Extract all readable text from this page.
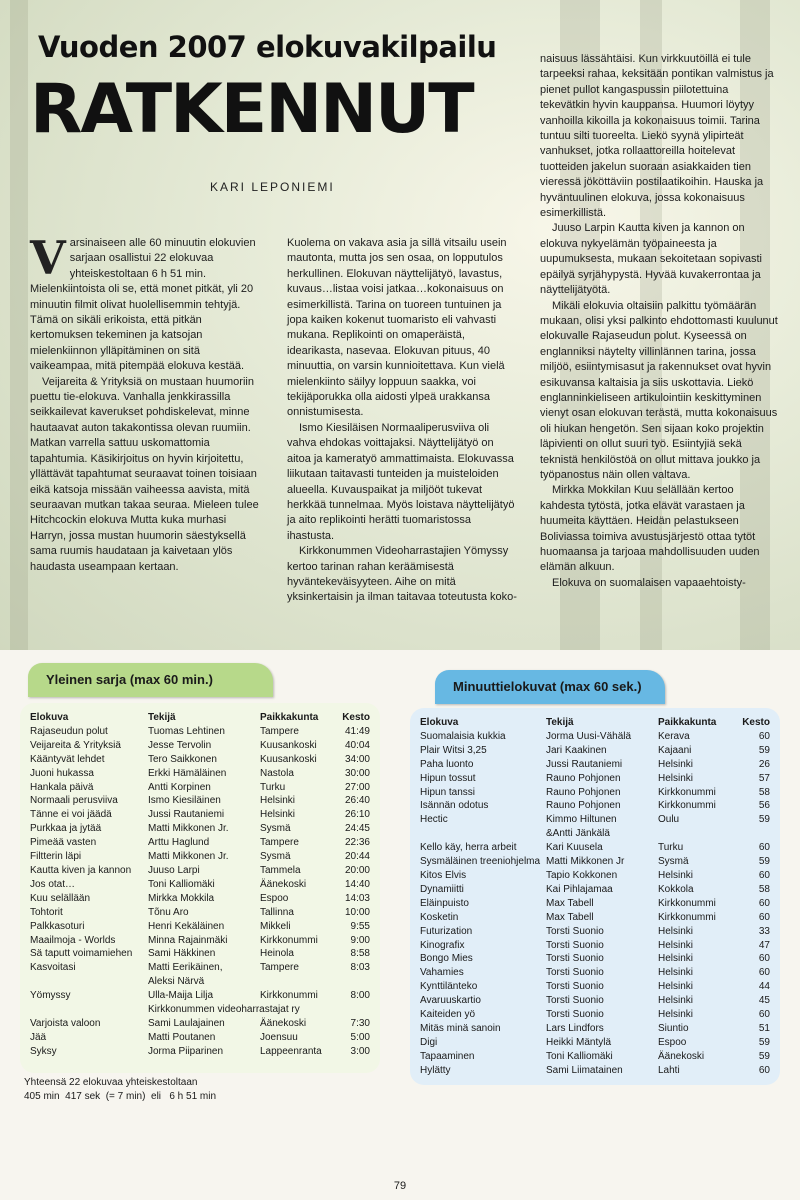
Vuoden 2007 elokuvakilpailu
RATKENNUT
KARI LEPONIEMI

Varsinaiseen alle 60 minuutin elokuvien sarjaan osallistui 22 elokuvaa yhteiskestoltaan 6 h 51 min. Mielenkiintoista oli se, että monet pitkät, yli 20 minuutin filmit olivat huolellisemmin tehtyjä. Tämä on sikäli erikoista, että pitkän kertomuksen tekeminen ja katsojan mielenkiinnon ylläpitäminen on sitä vaikeampaa, mitä pitempää elokuva kestää.

Veijareita & Yrityksiä on mustaan huumoriin puettu tie-elokuva. Vanhalla jenkkirassilla seikkailevat kaverukset pohdiskelevat, minne hautaavat auton takakontissa olevan ruumiin. Matkan varrella sattuu uskomattomia tapahtumia. Käsikirjoitus on hyvin kirjoitettu, yllättävät tapahtumat seuraavat toinen toisiaan eikä katsoja missään vaiheessa aavista, mitä seuraavan mutkan takaa seuraa. Mieleen tulee Hitchcockin elokuva Mutta kuka murhasi Harryn, jossa mustan huumorin säestyksellä sama ruumis haudataan ja kaivetaan ylös haudasta useampaan kertaan.

Kuolema on vakava asia ja sillä vitsailu usein mautonta, mutta jos sen osaa, on lopputulos herkullinen. Elokuvan näyttelijätyö, lavastus, kuvaus…listaa voisi jatkaa…kokonaisuus on esimerkillistä. Tarina on tuoreen tuntuinen ja jopa kaiken kokenut tuomaristo eli vahvasti mukana. Replikointi on omaperäistä, idearikasta, nasevaa. Elokuvan pituus, 40 minuuttia, on varsin kunnioitettava. Kun vielä mielenkiinto säilyy loppuun saakka, voi tekijäporukka olla aidosti ylpeä urakkansa onnistumisesta.

Ismo Kiesiläisen Normaaliperusviiva oli vahva ehdokas voittajaksi. Näyttelijätyö on aitoa ja kameratyö ammattimaista. Elokuvassa liikutaan taitavasti tunteiden ja muisteloiden alueella. Kuvauspaikat ja miljööt tukevat herkkää tunnelmaa. Myös loistava näyttelijätyö ja aito replikointi herätti tuomaristossa ihastusta.

Kirkkonummen Videoharrastajien Yömyssy kertoo tarinan rahan keräämisestä hyväntekeväisyyteen. Aihe on mitä yksinkertaisin ja ilman taitavaa toteutusta koko-

naisuus lässähtäisi. Kun virkkuutöillä ei tule tarpeeksi rahaa, keksitään pontikan valmistus ja pienet pullot kangaspussin piilotettuina tekevätkin hyvin kauppansa. Huumori löytyy vanhoilla kikoilla ja kokonaisuus toimii. Tarina tuntuu silti tuoreelta. Liekö syynä ylipirteät vanhukset, jotka rollaattoreilla hoitelevat tuotteiden jakelun suoraan asiakkaiden tien vieressä jököttäviin postilaatikoihin. Hauska ja hyväntuulinen elokuva, jossa kokonaisuus esimerkillistä.

Juuso Larpin Kautta kiven ja kannon on elokuva nykyelämän työpaineesta ja uupumuksesta, mukaan sekoitetaan sopivasti epäilyä syrjähypystä. Hyvää kuvakerrontaa ja näyttelijätyötä.

Mikäli elokuvia oltaisiin palkittu työmäärän mukaan, olisi yksi palkinto ehdottomasti kuulunut elokuvalle Rajaseudun polut. Kyseessä on englanniksi näytelty villinlännen tarina, jossa miljöö, esiintymisasut ja rakennukset ovat hyvin esikuvansa kaltaisia ja siis uskottavia. Liekö englanninkieliseen artikulointiin keskittyminen vienyt osan elokuvan terästä, mutta kokonaisuus oli hiukan hengetön. Sen sijaan koko projektin läpivienti on ollut suuri työ. Esiintyjiä sekä teknistä henkilöstöä on ollut mittava joukko ja työpanostus näin ollen valtava.

Mirkka Mokkilan Kuu selällään kertoo kahdesta tytöstä, jotka elävät varastaen ja huumeita käyttäen. Heidän pelastukseen Boliviassa toimiva avustusjärjestö ottaa tytöt huomaansa ja tarjoaa mahdollisuuden uuden elämän alkuun.

Elokuva on suomalaisen vapaaehtoisty-

Yleinen sarja (max 60 min.)
Elokuva	Tekijä	Paikkakunta	Kesto
Rajaseudun polut	Tuomas Lehtinen	Tampere	41:49
Veijareita & Yrityksiä	Jesse Tervolin	Kuusankoski	40:04
Kääntyvät lehdet	Tero Saikkonen	Kuusankoski	34:00
Juoni hukassa	Erkki Hämäläinen	Nastola	30:00
Hankala päivä	Antti Korpinen	Turku	27:00
Normaali perusviiva	Ismo Kiesiläinen	Helsinki	26:40
Tänne ei voi jäädä	Jussi Rautaniemi	Helsinki	26:10
Purkkaa ja jytää	Matti Mikkonen Jr.	Sysmä	24:45
Pimeää vasten	Arttu Haglund	Tampere	22:36
Filtterin läpi	Matti Mikkonen Jr.	Sysmä	20:44
Kautta kiven ja kannon	Juuso Larpi	Tammela	20:00
Jos otat…	Toni Kalliomäki	Äänekoski	14:40
Kuu selällään	Mirkka Mokkila	Espoo	14:03
Tohtorit	Tõnu Aro	Tallinna	10:00
Palkkasoturi	Henri Kekäläinen	Mikkeli	9:55
Maailmoja - Worlds	Minna Rajainmäki	Kirkkonummi	9:00
Sä taputt voimamiehen	Sami Häkkinen	Heinola	8:58
Kasvoitasi	Matti Eerikäinen,	Tampere	8:03
	Aleksi Närvä		
Yömyssy	Ulla-Maija Lilja	Kirkkonummi	8:00
	Kirkkonummen videoharrastajat ry		
Varjoista valoon	Sami Laulajainen	Äänekoski	7:30
Jää	Matti Poutanen	Joensuu	5:00
Syksy	Jorma Piiparinen	Lappeenranta	3:00
Yhteensä 22 elokuvaa yhteiskestoltaan
405 min  417 sek  (= 7 min)  eli   6 h 51 min
Minuuttielokuvat (max 60 sek.)
Elokuva	Tekijä	Paikkakunta	Kesto
Suomalaisia kukkia	Jorma Uusi-Vähälä	Kerava	60
Plair Witsi 3,25	Jari Kaakinen	Kajaani	59
Paha luonto	Jussi Rautaniemi	Helsinki	26
Hipun tossut	Rauno Pohjonen	Helsinki	57
Hipun tanssi	Rauno Pohjonen	Kirkkonummi	58
Isännän odotus	Rauno Pohjonen	Kirkkonummi	56
Hectic	Kimmo Hiltunen	Oulu	59
	&Antti Jänkälä		
Kello käy, herra arbeit	Kari Kuusela	Turku	60
Sysmäläinen treeniohjelma	Matti Mikkonen Jr	Sysmä	59
Kitos Elvis	Tapio Kokkonen	Helsinki	60
Dynamiitti	Kai Pihlajamaa	Kokkola	58
Eläinpuisto	Max Tabell	Kirkkonummi	60
Kosketin	Max Tabell	Kirkkonummi	60
Futurization	Torsti Suonio	Helsinki	33
Kinografix	Torsti Suonio	Helsinki	47
Bongo Mies	Torsti Suonio	Helsinki	60
Vahamies	Torsti Suonio	Helsinki	60
Kynttilänteko	Torsti Suonio	Helsinki	44
Avaruuskartio	Torsti Suonio	Helsinki	45
Kaiteiden yö	Torsti Suonio	Helsinki	60
Mitäs minä sanoin	Lars Lindfors	Siuntio	51
Digi	Heikki Mäntylä	Espoo	59
Tapaaminen	Toni Kalliomäki	Äänekoski	59
Hylätty	Sami Liimatainen	Lahti	60
79
